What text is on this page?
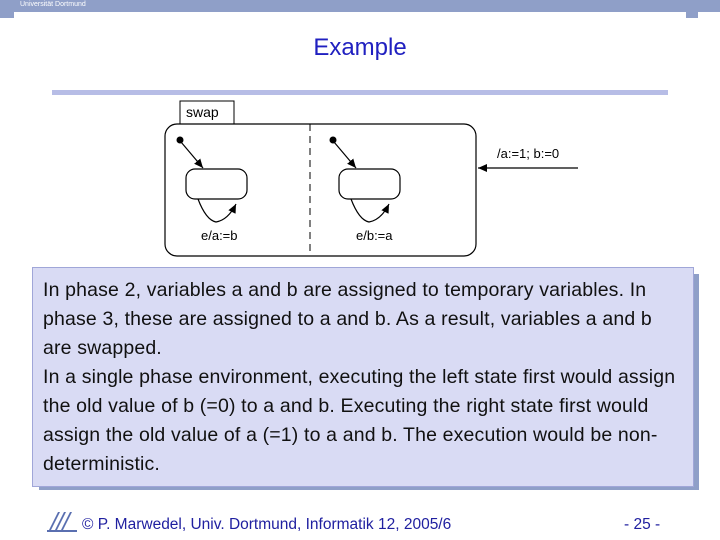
Universität Dortmund
Example
swap
e/a:=b	e/b:=a
/a:=1; b:=0

In phase 2, variables a and b are assigned to temporary variables. In phase 3, these are assigned to a and b. As a result, variables a and b are swapped.

In a single phase environment, executing the left state first would assign the old value of b (=0) to a and b. Executing the right state first would assign the old value of a (=1) to a and b. The execution would be non-deterministic.

© P. Marwedel, Univ. Dortmund, Informatik 12, 2005/6	- 25 -
